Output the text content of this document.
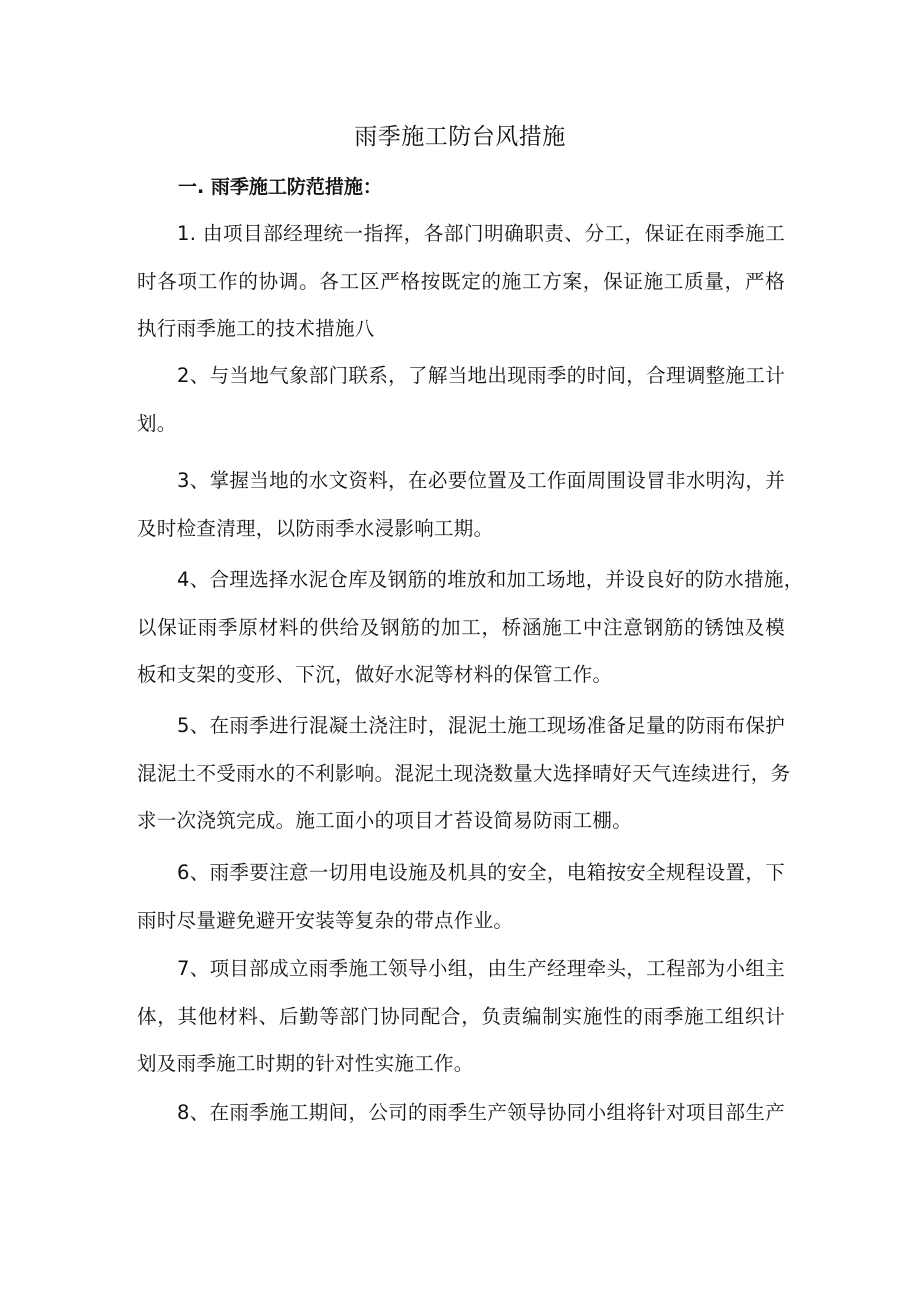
雨季施工防台风措施
一. 雨季施工防范措施：

1. 由项目部经理统一指挥，各部门明确职责、分工，保证在雨季施工
时各项工作的协调。各工区严格按既定的施工方案，保证施工质量，严格
执行雨季施工的技术措施八

2、与当地气象部门联系，了解当地出现雨季的时间，合理调整施工计
划。

3、掌握当地的水文资料，在必要位置及工作面周围设冒非水明沟，并
及时检查清理，以防雨季水浸影响工期。

4、合理选择水泥仓库及钢筋的堆放和加工场地，并设良好的防水措施，
以保证雨季原材料的供给及钢筋的加工，桥涵施工中注意钢筋的锈蚀及模
板和支架的变形、下沉，做好水泥等材料的保管工作。

5、在雨季进行混凝土浇注时，混泥土施工现场准备足量的防雨布保护
混泥土不受雨水的不利影响。混泥土现浇数量大选择晴好天气连续进行，务
求一次浇筑完成。施工面小的项目才苔设简易防雨工棚。

6、雨季要注意一切用电设施及机具的安全，电箱按安全规程设置，下
雨时尽量避免避开安装等复杂的带点作业。

7、项目部成立雨季施工领导小组，由生产经理牵头，工程部为小组主
体，其他材料、后勤等部门协同配合，负责编制实施性的雨季施工组织计
划及雨季施工时期的针对性实施工作。

8、在雨季施工期间，公司的雨季生产领导协同小组将针对项目部生产
